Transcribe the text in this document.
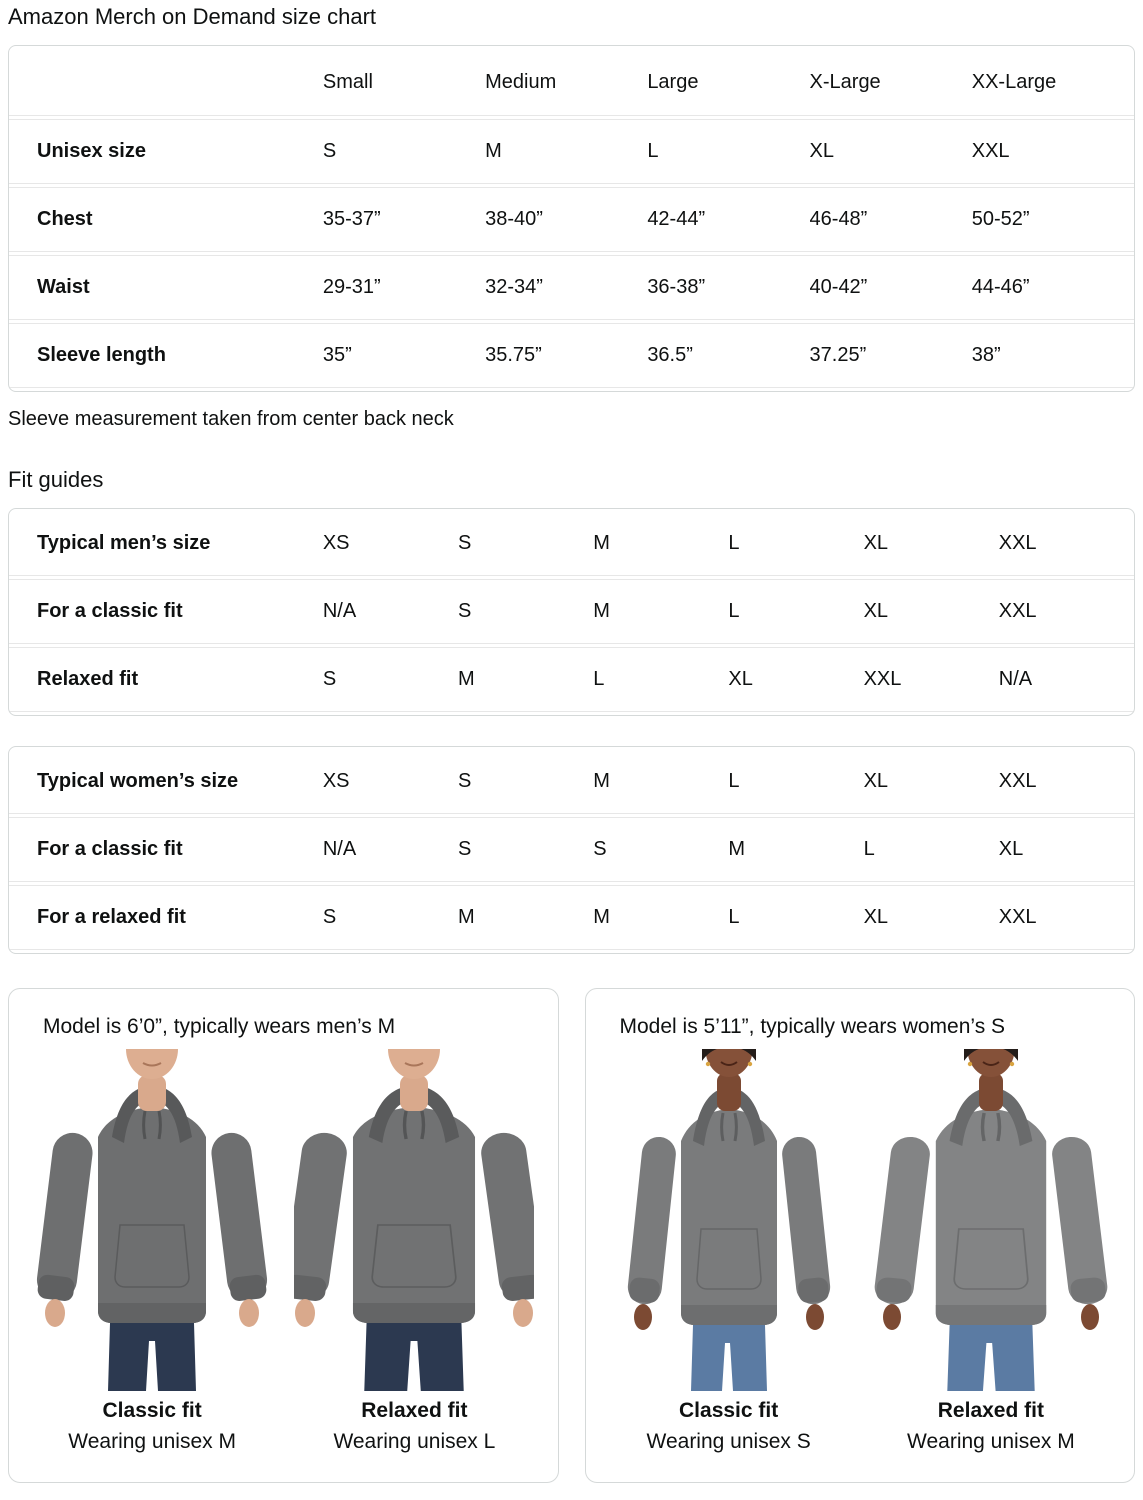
Amazon Merch on Demand size chart
	Small	Medium	Large	X-Large	XX-Large
Unisex size	S	M	L	XL	XXL
Chest	35-37”	38-40”	42-44”	46-48”	50-52”
Waist	29-31”	32-34”	36-38”	40-42”	44-46”
Sleeve length	35”	35.75”	36.5”	37.25”	38”

Sleeve measurement taken from center back neck

Fit guides
Typical men’s size	XS	S	M	L	XL	XXL
For a classic fit	N/A	S	M	L	XL	XXL
Relaxed fit	S	M	L	XL	XXL	N/A
Typical women’s size	XS	S	M	L	XL	XXL
For a classic fit	N/A	S	S	M	L	XL
For a relaxed fit	S	M	M	L	XL	XXL

Model is 6’0”, typically wears men’s M

Classic fit
Wearing unisex M
Relaxed fit
Wearing unisex L

Model is 5’11”, typically wears women’s S

Classic fit
Wearing unisex S
Relaxed fit
Wearing unisex M
